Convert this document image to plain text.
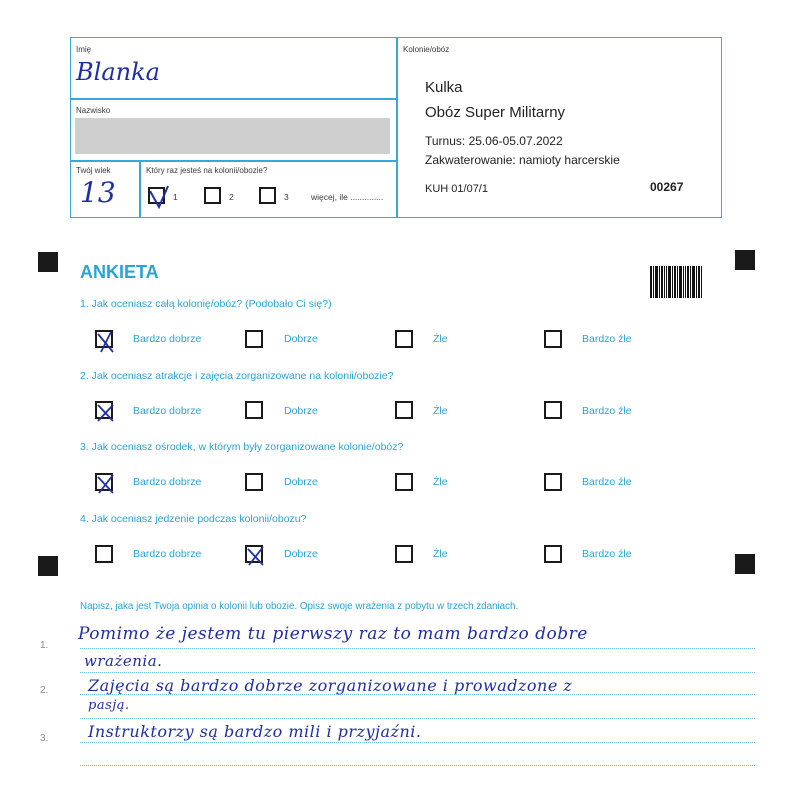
Imię
Blanka
Nazwisko
Twój wiek
13
Który raz jesteś na kolonii/obozie?
1	2	3	więcej, ile ..............
Kolonie/obóz
Kulka
Obóz Super Militarny
Turnus: 25.06-05.07.2022
Zakwaterowanie: namioty harcerskie
KUH 01/07/1	00267
ANKIETA
1. Jak oceniasz całą kolonię/obóz? (Podobało Ci się?)
Bardzo dobrze	Dobrze	Źle	Bardzo źle
2. Jak oceniasz atrakcje i zajęcia zorganizowane na kolonii/obozie?
Bardzo dobrze	Dobrze	Źle	Bardzo źle
3. Jak oceniasz ośrodek, w którym były zorganizowane kolonie/obóz?
Bardzo dobrze	Dobrze	Źle	Bardzo źle
4. Jak oceniasz jedzenie podczas kolonii/obozu?
Bardzo dobrze	Dobrze	Źle	Bardzo źle
Napisz, jaka jest Twoja opinia o kolonii lub obozie. Opisz swoje wrażenia z pobytu w trzech zdaniach.
1.
2.
3.
Pomimo że jestem tu pierwszy raz to mam bardzo dobre
wrażenia.
Zajęcia są bardzo dobrze zorganizowane i prowadzone z
pasją.
Instruktorzy są bardzo mili i przyjaźni.
